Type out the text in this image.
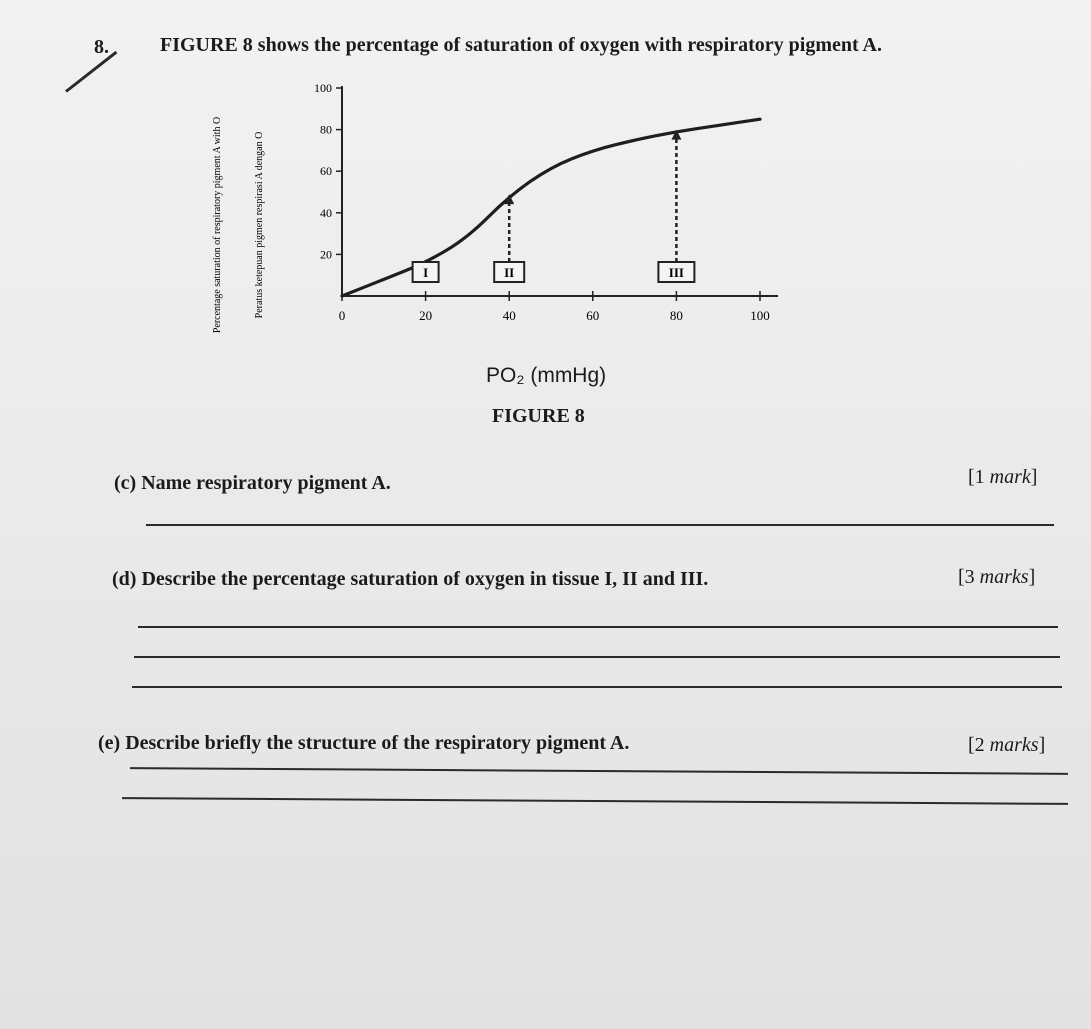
8.	FIGURE 8 shows the percentage of saturation of oxygen with respiratory pigment A.
Percentage saturation of respiratory pigment A with O	Peratus ketepuan pigmen respirasi A dengan O	0	20	40	60	80	100
20
40
60
80
100
I	II	III
PO₂ (mmHg)
FIGURE 8
(c) Name respiratory pigment A.	[1 mark]
(d) Describe the percentage saturation of oxygen in tissue I, II and III.	[3 marks]
(e) Describe briefly the structure of the respiratory pigment A.	[2 marks]
